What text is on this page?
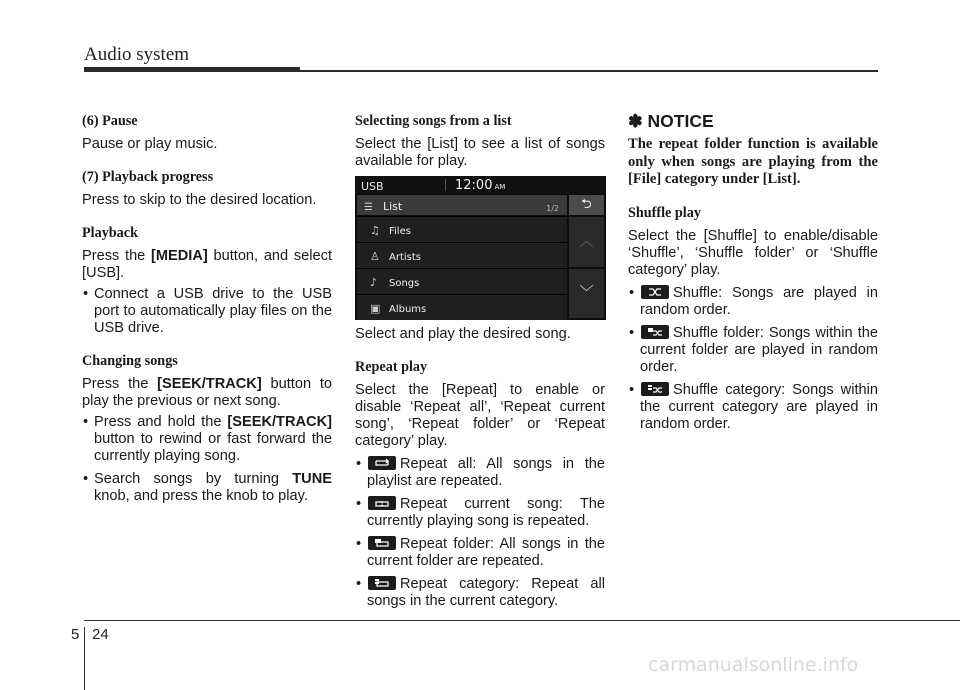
Audio system
(6) Pause
Pause or play music.
(7) Playback progress
Press to skip to the desired location.
Playback
Press the [MEDIA] button, and select [USB].
• Connect a USB drive to the USB port to automatically play files on the USB drive.
Changing songs
Press the [SEEK/TRACK] button to play the previous or next song.
• Press and hold the [SEEK/TRACK] button to rewind or fast forward the currently playing song.
• Search songs by turning TUNE knob, and press the knob to play.
Selecting songs from a list
Select the [List] to see a list of songs available for play.
USB	12:00 AM
☰ List	1/2	⮌
♫ Files
♙ Artists
♪ Songs
▣ Albums
︿
﹀
Select and play the desired song.
Repeat play
Select the [Repeat] to enable or disable ‘Repeat all’, ‘Repeat current song’, ‘Repeat folder’ or ‘Repeat category’ play.
• Repeat all: All songs in the playlist are repeated.
• 1 Repeat current song: The currently playing song is repeated.
• Repeat folder: All songs in the current folder are repeated.
• Repeat category: Repeat all songs in the current category.
✽ NOTICE
The repeat folder function is available only when songs are playing from the [File] category under [List].
Shuffle play
Select the [Shuffle] to enable/disable ‘Shuffle’, ‘Shuffle folder’ or ‘Shuffle category’ play.
• Shuffle: Songs are played in random order.
• Shuffle folder: Songs within the current folder are played in random order.
• Shuffle category: Songs within the current category are played in random order.
5 24
carmanualsonline.info
